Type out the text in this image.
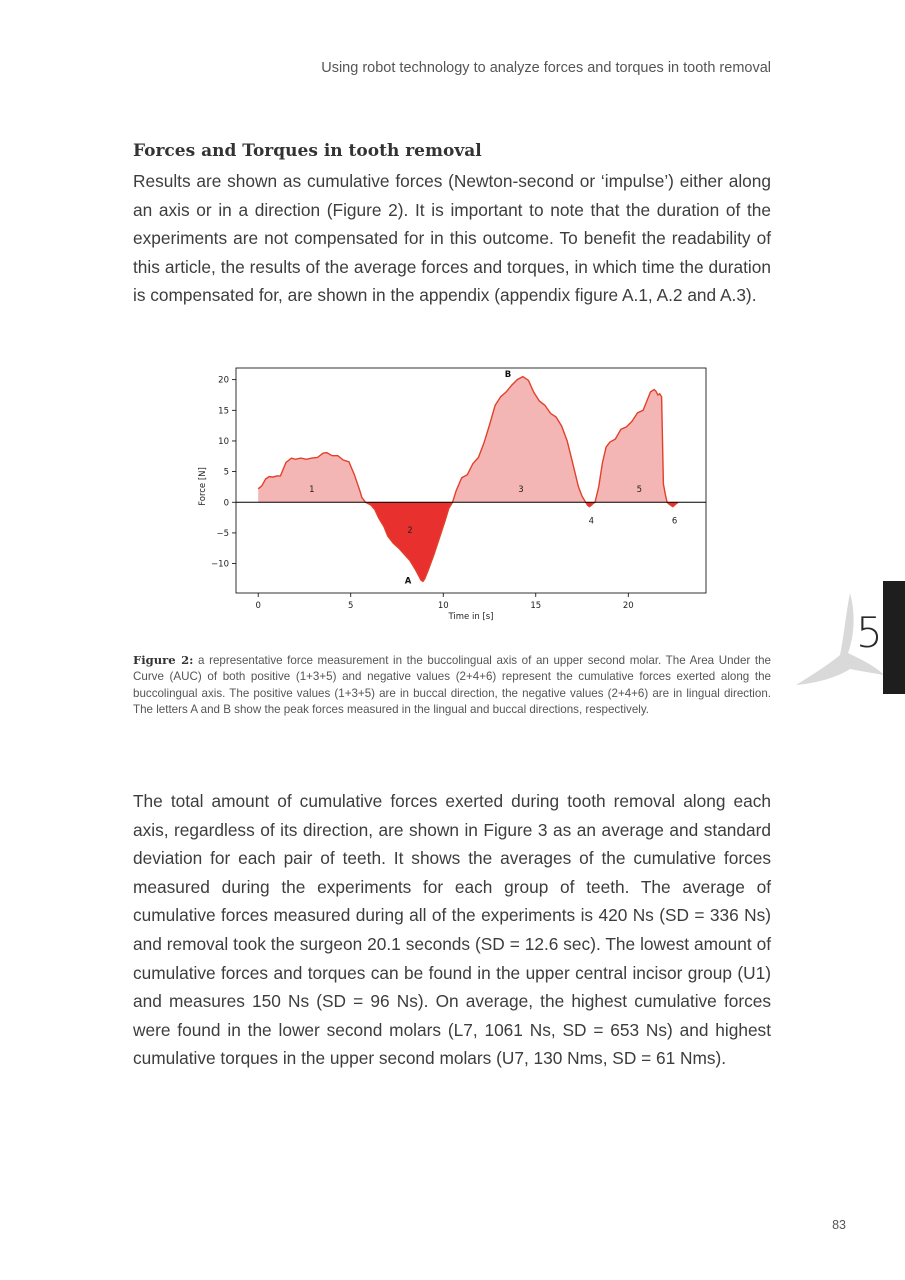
Using robot technology to analyze forces and torques in tooth removal
Forces and Torques in tooth removal

Results are shown as cumulative forces (Newton-second or ‘impulse’) either along an axis or in a direction (Figure 2). It is important to note that the duration of the experiments are not compensated for in this outcome. To benefit the readability of this article, the results of the average forces and torques, in which time the duration is compensated for, are shown in the appendix (appendix figure A.1, A.2 and A.3).

0	5	10	15	20
−10
−5
0
5
10
15
20
Time in [s]
Force [N]	1
2
3
4
5
6
A
B

Figure 2: a representative force measurement in the buccolingual axis of an upper second molar. The Area Under the Curve (AUC) of both positive (1+3+5) and negative values (2+4+6) represent the cumulative forces exerted along the buccolingual axis. The positive values (1+3+5) are in buccal direction, the negative values (2+4+6) are in lingual direction. The letters A and B show the peak forces measured in the lingual and buccal directions, respectively.

The total amount of cumulative forces exerted during tooth removal along each axis, regardless of its direction, are shown in Figure 3 as an average and standard deviation for each pair of teeth. It shows the averages of the cumulative forces measured during the experiments for each group of teeth. The average of cumulative forces measured during all of the experiments is 420 Ns (SD = 336 Ns) and removal took the surgeon 20.1 seconds (SD = 12.6 sec). The lowest amount of cumulative forces and torques can be found in the upper central incisor group (U1) and measures 150 Ns (SD = 96 Ns). On average, the highest cumulative forces were found in the lower second molars (L7, 1061 Ns, SD = 653 Ns) and highest cumulative torques in the upper second molars (U7, 130 Nms, SD = 61 Nms).

5
83
